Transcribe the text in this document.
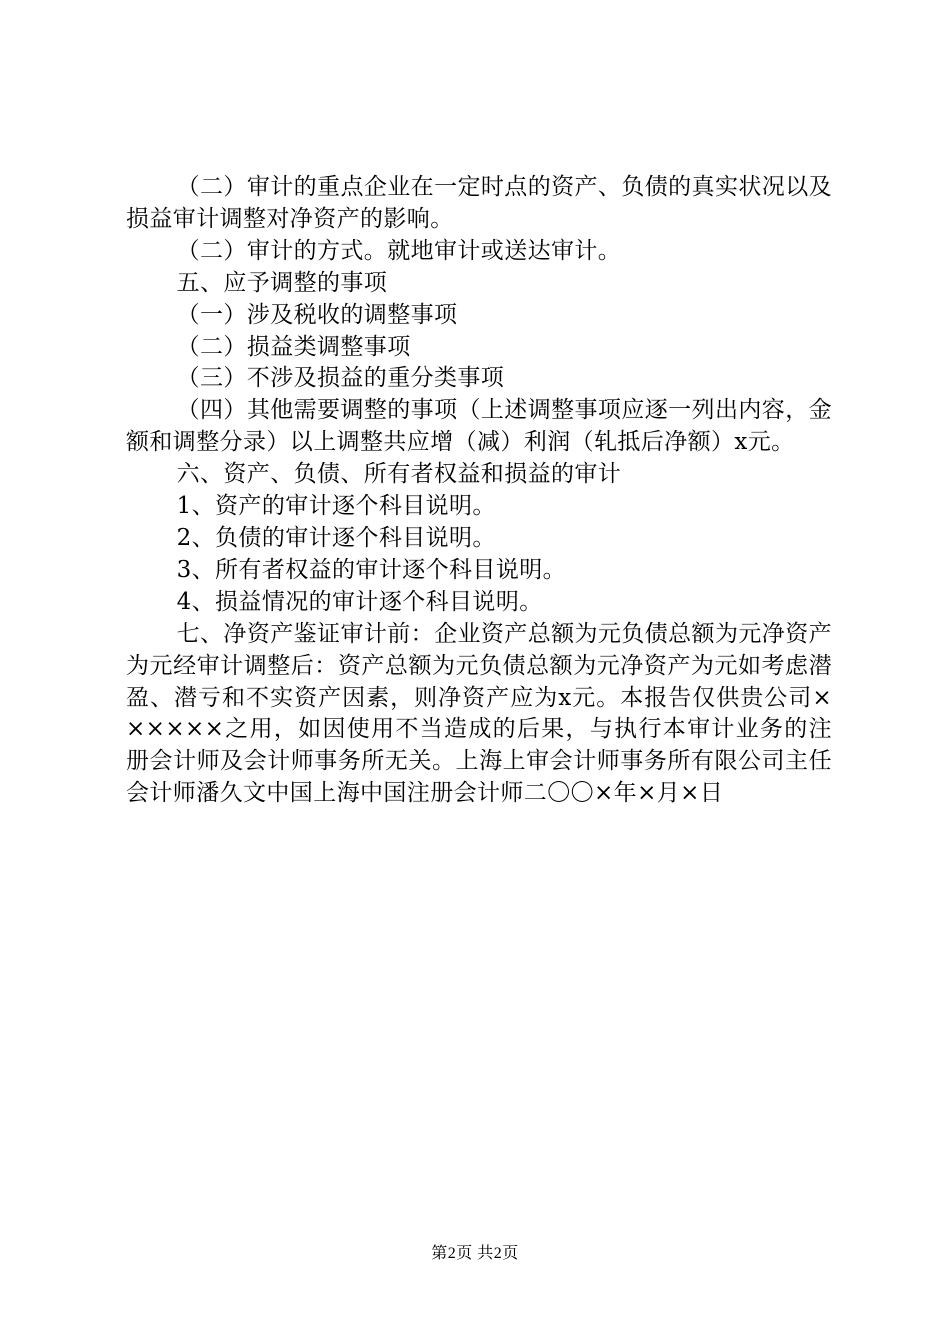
（二）审计的重点企业在一定时点的资产、负债的真实状况以及损益审计调整对净资产的影响。

（二）审计的方式。就地审计或送达审计。

五、应予调整的事项

（一）涉及税收的调整事项

（二）损益类调整事项

（三）不涉及损益的重分类事项

（四）其他需要调整的事项（上述调整事项应逐一列出内容，金额和调整分录）以上调整共应增（减）利润（轧抵后净额）x元。

六、资产、负债、所有者权益和损益的审计

1、资产的审计逐个科目说明。

2、负债的审计逐个科目说明。

3、所有者权益的审计逐个科目说明。

4、损益情况的审计逐个科目说明。

七、净资产鉴证审计前：企业资产总额为元负债总额为元净资产为元经审计调整后：资产总额为元负债总额为元净资产为元如考虑潜盈、潜亏和不实资产因素，则净资产应为x元。本报告仅供贵公司××××××之用，如因使用不当造成的后果，与执行本审计业务的注册会计师及会计师事务所无关。上海上审会计师事务所有限公司主任会计师潘久文中国上海中国注册会计师二〇〇×年×月×日

第2页 共2页
